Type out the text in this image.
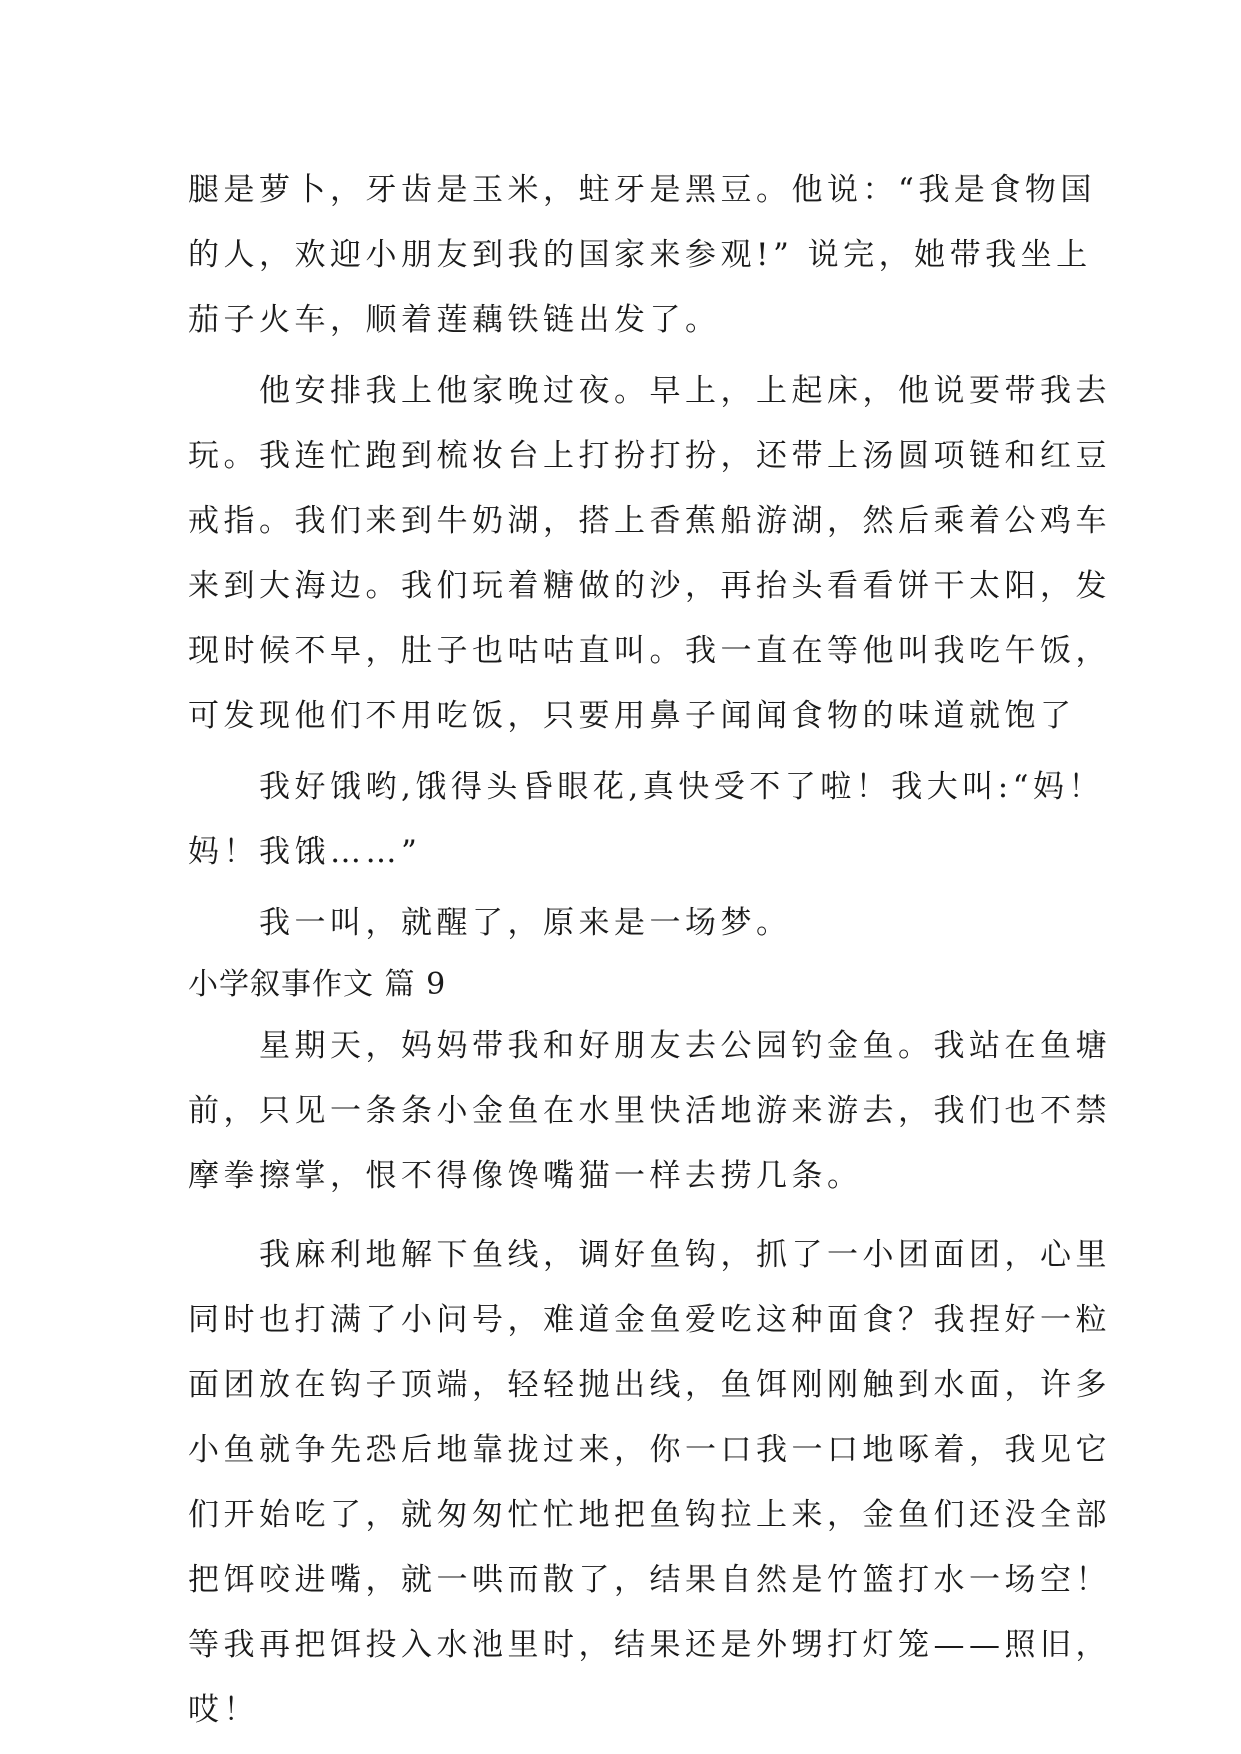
腿是萝卜，牙齿是玉米，蛀牙是黑豆。他说：“我是食物国
的人，欢迎小朋友到我的国家来参观!” 说完，她带我坐上
茄子火车，顺着莲藕铁链出发了。
　　他安排我上他家晚过夜。早上，上起床，他说要带我去
玩。我连忙跑到梳妆台上打扮打扮，还带上汤圆项链和红豆
戒指。我们来到牛奶湖，搭上香蕉船游湖，然后乘着公鸡车
来到大海边。我们玩着糖做的沙，再抬头看看饼干太阳，发
现时候不早，肚子也咕咕直叫。我一直在等他叫我吃午饭，
可发现他们不用吃饭，只要用鼻子闻闻食物的味道就饱了
　　我好饿哟,饿得头昏眼花,真快受不了啦！我大叫:“妈！
妈！我饿……”
　　我一叫，就醒了，原来是一场梦。
小学叙事作文 篇 9
　　星期天，妈妈带我和好朋友去公园钓金鱼。我站在鱼塘
前，只见一条条小金鱼在水里快活地游来游去，我们也不禁
摩拳擦掌，恨不得像馋嘴猫一样去捞几条。
　　我麻利地解下鱼线，调好鱼钩，抓了一小团面团，心里
同时也打满了小问号，难道金鱼爱吃这种面食？我捏好一粒
面团放在钩子顶端，轻轻抛出线，鱼饵刚刚触到水面，许多
小鱼就争先恐后地靠拢过来，你一口我一口地啄着，我见它
们开始吃了，就匆匆忙忙地把鱼钩拉上来，金鱼们还没全部
把饵咬进嘴，就一哄而散了，结果自然是竹篮打水一场空！
等我再把饵投入水池里时，结果还是外甥打灯笼——照旧，
哎！
